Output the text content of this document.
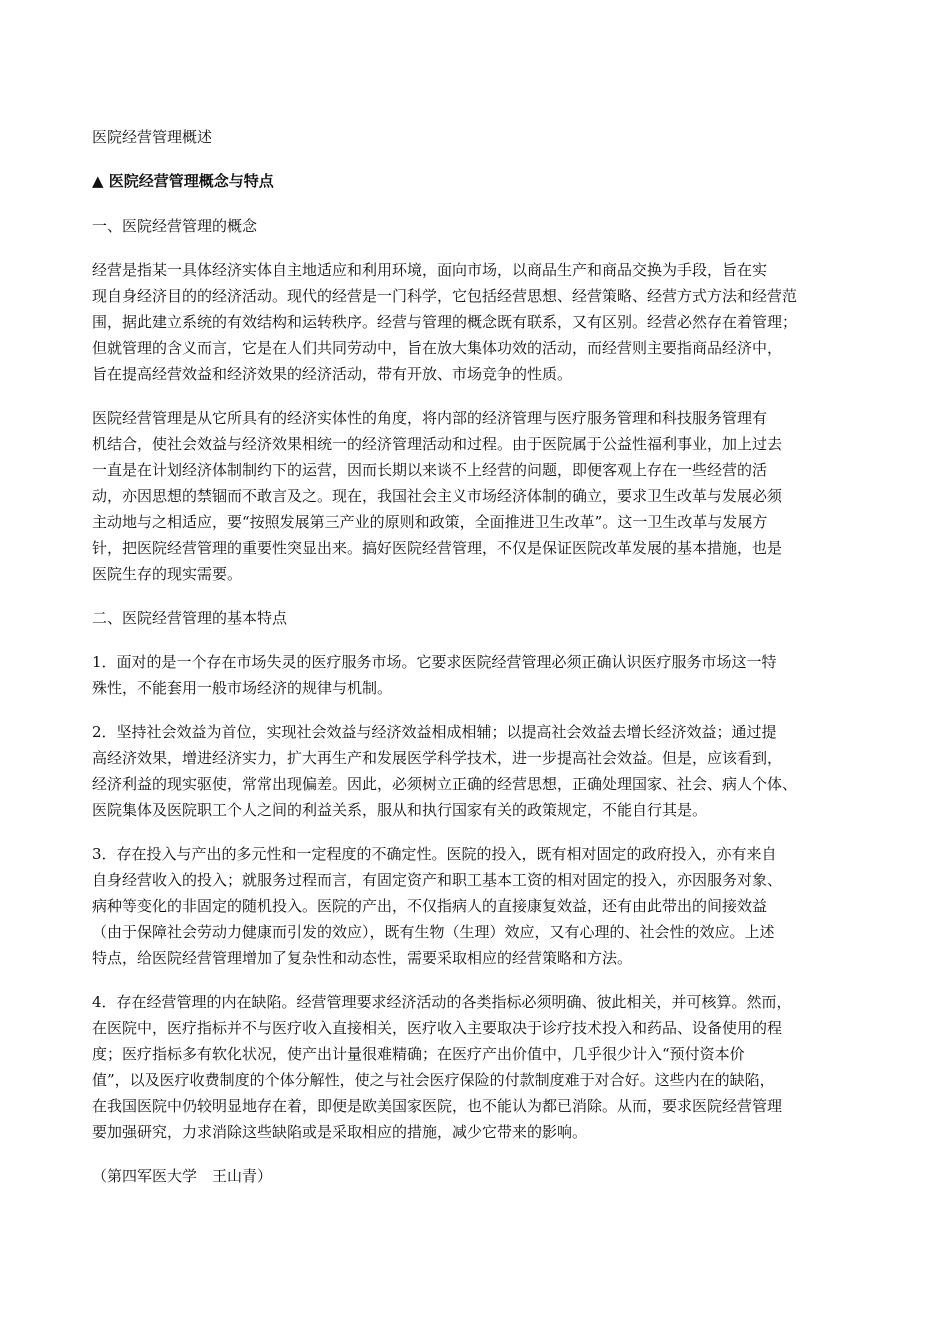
医院经营管理概述

▲ 医院经营管理概念与特点

一、医院经营管理的概念

经营是指某一具体经济实体自主地适应和利用环境，面向市场，以商品生产和商品交换为手段，旨在实

现自身经济目的的经济活动。现代的经营是一门科学，它包括经营思想、经营策略、经营方式方法和经营范

围，据此建立系统的有效结构和运转秩序。经营与管理的概念既有联系，又有区别。经营必然存在着管理；

但就管理的含义而言，它是在人们共同劳动中，旨在放大集体功效的活动，而经营则主要指商品经济中，

旨在提高经营效益和经济效果的经济活动，带有开放、市场竞争的性质。

医院经营管理是从它所具有的经济实体性的角度，将内部的经济管理与医疗服务管理和科技服务管理有

机结合，使社会效益与经济效果相统一的经济管理活动和过程。由于医院属于公益性福利事业，加上过去

一直是在计划经济体制制约下的运营，因而长期以来谈不上经营的问题，即便客观上存在一些经营的活

动，亦因思想的禁锢而不敢言及之。现在，我国社会主义市场经济体制的确立，要求卫生改革与发展必须

主动地与之相适应，要“按照发展第三产业的原则和政策，全面推进卫生改革”。这一卫生改革与发展方

针，把医院经营管理的重要性突显出来。搞好医院经营管理，不仅是保证医院改革发展的基本措施，也是

医院生存的现实需要。

二、医院经营管理的基本特点

1．面对的是一个存在市场失灵的医疗服务市场。它要求医院经营管理必须正确认识医疗服务市场这一特

殊性，不能套用一般市场经济的规律与机制。

2．坚持社会效益为首位，实现社会效益与经济效益相成相辅；以提高社会效益去增长经济效益；通过提

高经济效果，增进经济实力，扩大再生产和发展医学科学技术，进一步提高社会效益。但是，应该看到，

经济利益的现实驱使，常常出现偏差。因此，必须树立正确的经营思想，正确处理国家、社会、病人个体、

医院集体及医院职工个人之间的利益关系，服从和执行国家有关的政策规定，不能自行其是。

3．存在投入与产出的多元性和一定程度的不确定性。医院的投入，既有相对固定的政府投入，亦有来自

自身经营收入的投入；就服务过程而言，有固定资产和职工基本工资的相对固定的投入，亦因服务对象、

病种等变化的非固定的随机投入。医院的产出，不仅指病人的直接康复效益，还有由此带出的间接效益

（由于保障社会劳动力健康而引发的效应），既有生物（生理）效应，又有心理的、社会性的效应。上述

特点，给医院经营管理增加了复杂性和动态性，需要采取相应的经营策略和方法。

4．存在经营管理的内在缺陷。经营管理要求经济活动的各类指标必须明确、彼此相关，并可核算。然而，

在医院中，医疗指标并不与医疗收入直接相关，医疗收入主要取决于诊疗技术投入和药品、设备使用的程

度；医疗指标多有软化状况，使产出计量很难精确；在医疗产出价值中，几乎很少计入“预付资本价

值”，以及医疗收费制度的个体分解性，使之与社会医疗保险的付款制度难于对合好。这些内在的缺陷，

在我国医院中仍较明显地存在着，即便是欧美国家医院，也不能认为都已消除。从而，要求医院经营管理

要加强研究，力求消除这些缺陷或是采取相应的措施，减少它带来的影响。

（第四军医大学　王山青）
